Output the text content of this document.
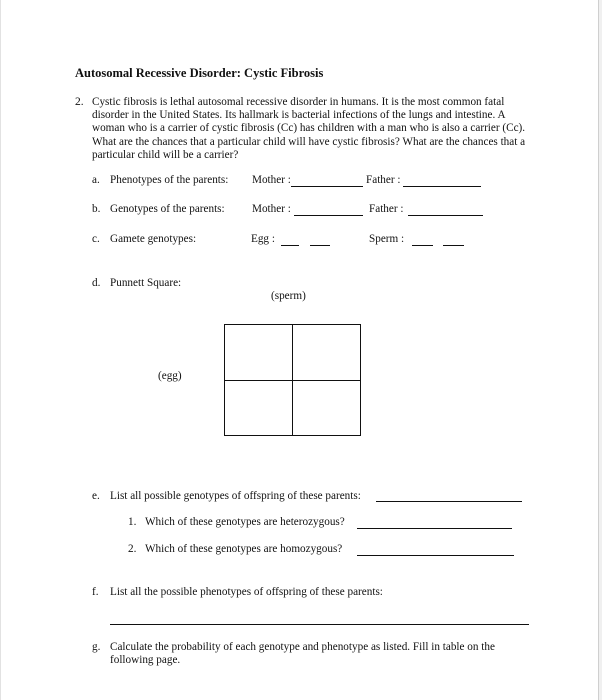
Autosomal Recessive Disorder: Cystic Fibrosis
2. Cystic fibrosis is lethal autosomal recessive disorder in humans. It is the most common fatal disorder in the United States. Its hallmark is bacterial infections of the lungs and intestine. A woman who is a carrier of cystic fibrosis (Cc) has children with a man who is also a carrier (Cc). What are the chances that a particular child will have cystic fibrosis? What are the chances that a particular child will be a carrier?
a. Phenotypes of the parents: Mother :	Father :
b. Genotypes of the parents: Mother :	Father :
c. Gamete genotypes:	Egg :	Sperm :
d. Punnett Square:
(sperm)
(egg)
e. List all possible genotypes of offspring of these parents:
1. Which of these genotypes are heterozygous?
2. Which of these genotypes are homozygous?
f. List all the possible phenotypes of offspring of these parents:
g. Calculate the probability of each genotype and phenotype as listed. Fill in table on the following page.
